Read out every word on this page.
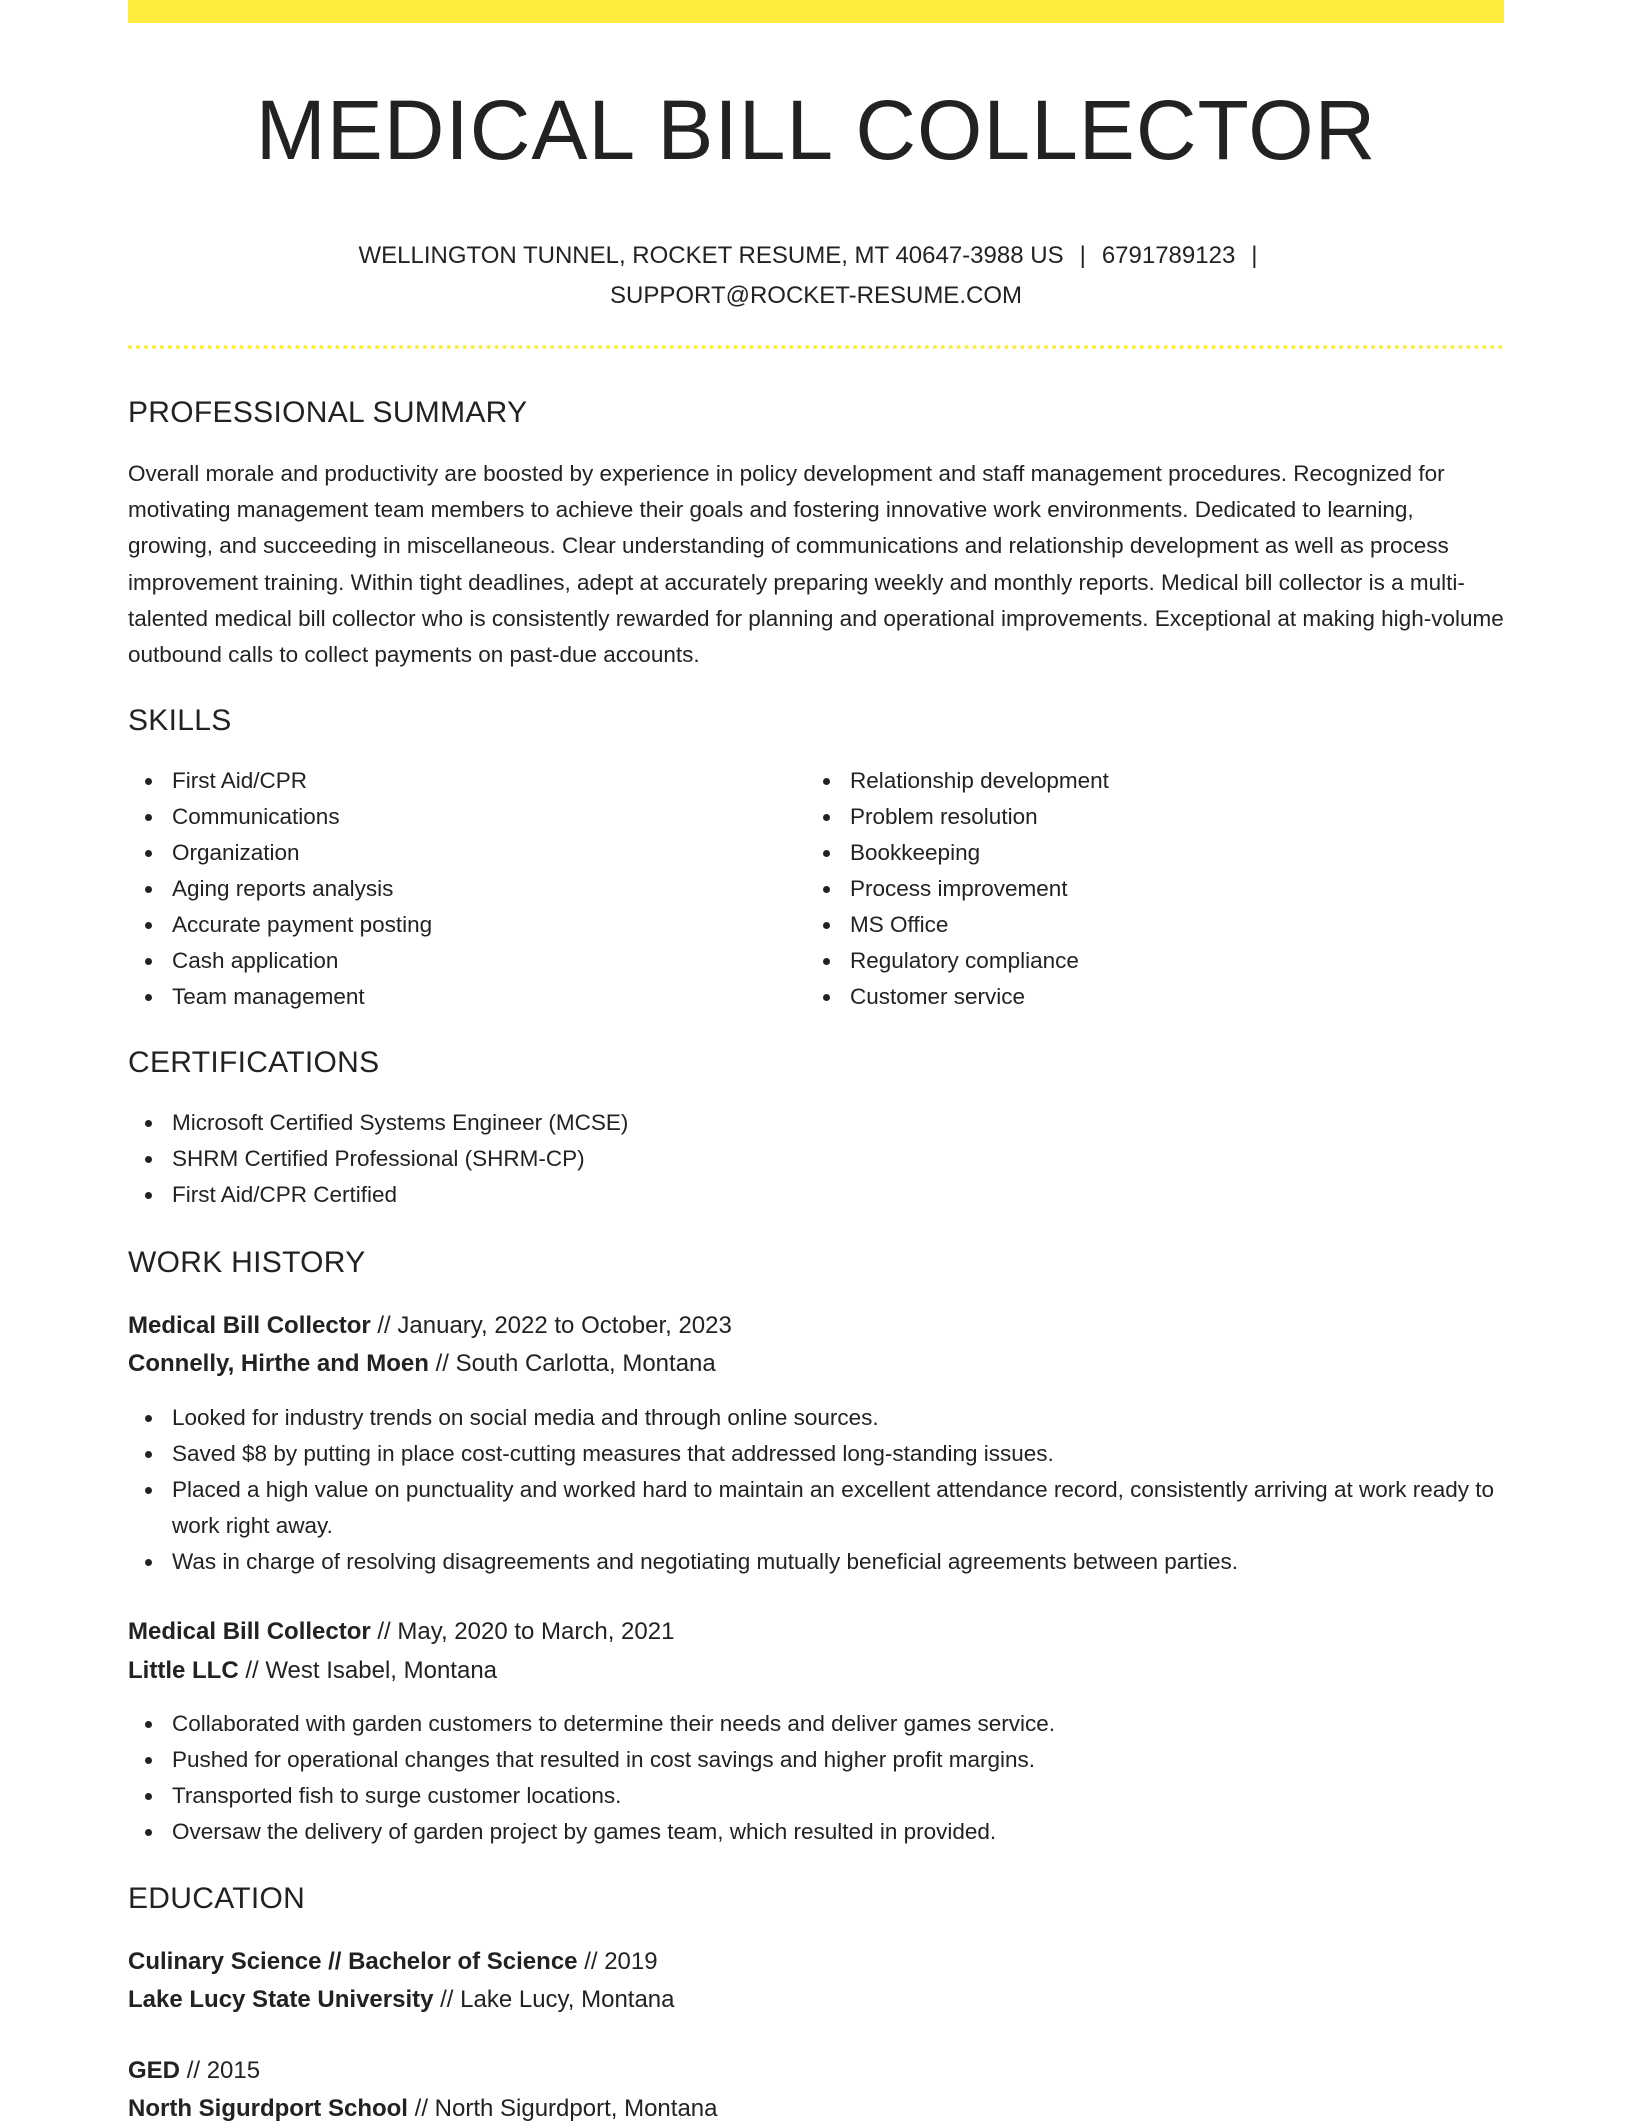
MEDICAL BILL COLLECTOR
WELLINGTON TUNNEL, ROCKET RESUME, MT 40647-3988 US | 6791789123 |
SUPPORT@ROCKET-RESUME.COM
PROFESSIONAL SUMMARY

Overall morale and productivity are boosted by experience in policy development and staff management procedures. Recognized for motivating management team members to achieve their goals and fostering innovative work environments. Dedicated to learning, growing, and succeeding in miscellaneous. Clear understanding of communications and relationship development as well as process improvement training. Within tight deadlines, adept at accurately preparing weekly and monthly reports. Medical bill collector is a multi-talented medical bill collector who is consistently rewarded for planning and operational improvements. Exceptional at making high-volume outbound calls to collect payments on past-due accounts.

SKILLS
First Aid/CPR
Communications
Organization
Aging reports analysis
Accurate payment posting
Cash application
Team management
Relationship development
Problem resolution
Bookkeeping
Process improvement
MS Office
Regulatory compliance
Customer service
CERTIFICATIONS
Microsoft Certified Systems Engineer (MCSE)
SHRM Certified Professional (SHRM-CP)
First Aid/CPR Certified
WORK HISTORY
Medical Bill Collector // January, 2022 to October, 2023
Connelly, Hirthe and Moen // South Carlotta, Montana
Looked for industry trends on social media and through online sources.
Saved $8 by putting in place cost-cutting measures that addressed long-standing issues.
Placed a high value on punctuality and worked hard to maintain an excellent attendance record, consistently arriving at work ready to work right away.
Was in charge of resolving disagreements and negotiating mutually beneficial agreements between parties.
Medical Bill Collector // May, 2020 to March, 2021
Little LLC // West Isabel, Montana
Collaborated with garden customers to determine their needs and deliver games service.
Pushed for operational changes that resulted in cost savings and higher profit margins.
Transported fish to surge customer locations.
Oversaw the delivery of garden project by games team, which resulted in provided.
EDUCATION
Culinary Science // Bachelor of Science // 2019
Lake Lucy State University // Lake Lucy, Montana
GED // 2015
North Sigurdport School // North Sigurdport, Montana
